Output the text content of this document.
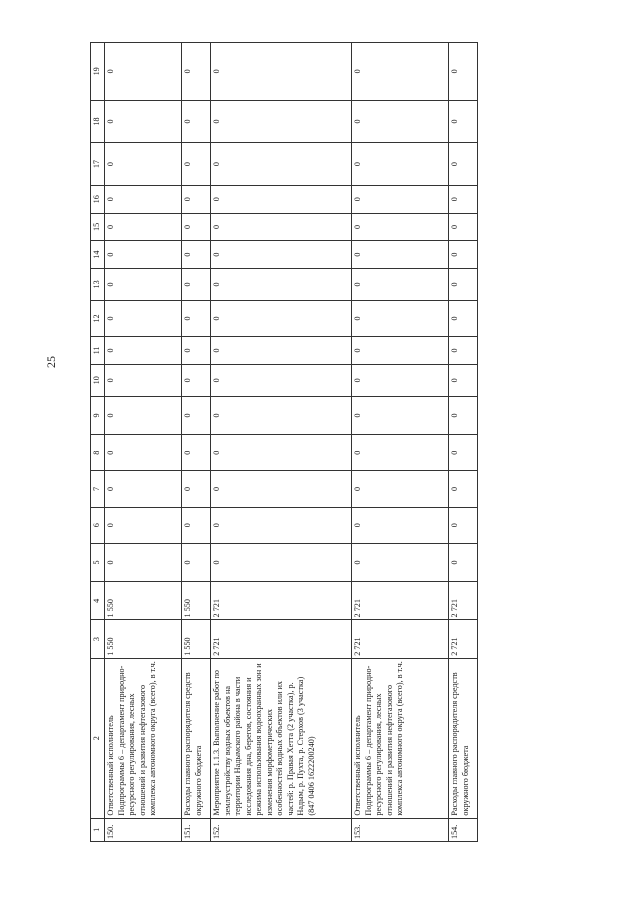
25
1	2	3	4	5	6	7	8	9	10	11	12	13	14	15	16	17	18	19
150.	Ответственный исполнитель Подпрограммы 6 – департамент природно-ресурсного регулирования, лесных отношений и развития нефтегазового комплекса автономного округа (всего), в т.ч.	1 550	1 550	0	0	0	0	0	0	0	0	0	0	0	0	0	0	0
151.	Расходы главного распорядителя средств окружного бюджета	1 550	1 550	0	0	0	0	0	0	0	0	0	0	0	0	0	0	0
152.	Мероприятие 1.1.3. Выполнение работ по землеустройству водных объектов на территории Надымского района в части исследования дна, берегов, состояния и режима использования водоохранных зон и изменения морфометрических особенностей водных объектов или их частей: р. Правая Хетта (2 участка), р. Надым, р. Пухта, р. Стерхов (3 участка) (847 0406 1622200240)	2 721	2 721	0	0	0	0	0	0	0	0	0	0	0	0	0	0	0
153.	Ответственный исполнитель Подпрограммы 6 – департамент природно-ресурсного регулирования, лесных отношений и развития нефтегазового комплекса автономного округа (всего), в т.ч.	2 721	2 721	0	0	0	0	0	0	0	0	0	0	0	0	0	0	0
154.	Расходы главного распорядителя средств окружного бюджета	2 721	2 721	0	0	0	0	0	0	0	0	0	0	0	0	0	0	0
